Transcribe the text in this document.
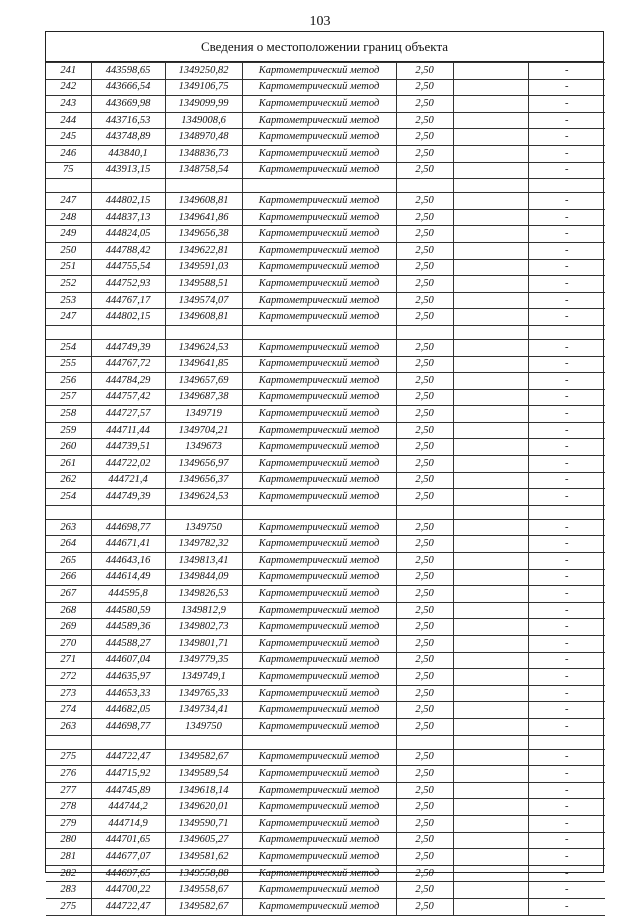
103
Сведения о местоположении границ объекта
241	443598,65	1349250,82	Картометрический метод	2,50		-
242	443666,54	1349106,75	Картометрический метод	2,50		-
243	443669,98	1349099,99	Картометрический метод	2,50		-
244	443716,53	1349008,6	Картометрический метод	2,50		-
245	443748,89	1348970,48	Картометрический метод	2,50		-
246	443840,1	1348836,73	Картометрический метод	2,50		-
75	443913,15	1348758,54	Картометрический метод	2,50		-

247	444802,15	1349608,81	Картометрический метод	2,50		-
248	444837,13	1349641,86	Картометрический метод	2,50		-
249	444824,05	1349656,38	Картометрический метод	2,50		-
250	444788,42	1349622,81	Картометрический метод	2,50		-
251	444755,54	1349591,03	Картометрический метод	2,50		-
252	444752,93	1349588,51	Картометрический метод	2,50		-
253	444767,17	1349574,07	Картометрический метод	2,50		-
247	444802,15	1349608,81	Картометрический метод	2,50		-

254	444749,39	1349624,53	Картометрический метод	2,50		-
255	444767,72	1349641,85	Картометрический метод	2,50		-
256	444784,29	1349657,69	Картометрический метод	2,50		-
257	444757,42	1349687,38	Картометрический метод	2,50		-
258	444727,57	1349719	Картометрический метод	2,50		-
259	444711,44	1349704,21	Картометрический метод	2,50		-
260	444739,51	1349673	Картометрический метод	2,50		-
261	444722,02	1349656,97	Картометрический метод	2,50		-
262	444721,4	1349656,37	Картометрический метод	2,50		-
254	444749,39	1349624,53	Картометрический метод	2,50		-

263	444698,77	1349750	Картометрический метод	2,50		-
264	444671,41	1349782,32	Картометрический метод	2,50		-
265	444643,16	1349813,41	Картометрический метод	2,50		-
266	444614,49	1349844,09	Картометрический метод	2,50		-
267	444595,8	1349826,53	Картометрический метод	2,50		-
268	444580,59	1349812,9	Картометрический метод	2,50		-
269	444589,36	1349802,73	Картометрический метод	2,50		-
270	444588,27	1349801,71	Картометрический метод	2,50		-
271	444607,04	1349779,35	Картометрический метод	2,50		-
272	444635,97	1349749,1	Картометрический метод	2,50		-
273	444653,33	1349765,33	Картометрический метод	2,50		-
274	444682,05	1349734,41	Картометрический метод	2,50		-
263	444698,77	1349750	Картометрический метод	2,50		-

275	444722,47	1349582,67	Картометрический метод	2,50		-
276	444715,92	1349589,54	Картометрический метод	2,50		-
277	444745,89	1349618,14	Картометрический метод	2,50		-
278	444744,2	1349620,01	Картометрический метод	2,50		-
279	444714,9	1349590,71	Картометрический метод	2,50		-
280	444701,65	1349605,27	Картометрический метод	2,50		-
281	444677,07	1349581,62	Картометрический метод	2,50		-
282	444697,65	1349558,88	Картометрический метод	2,50		-
283	444700,22	1349558,67	Картометрический метод	2,50		-
275	444722,47	1349582,67	Картометрический метод	2,50		-
